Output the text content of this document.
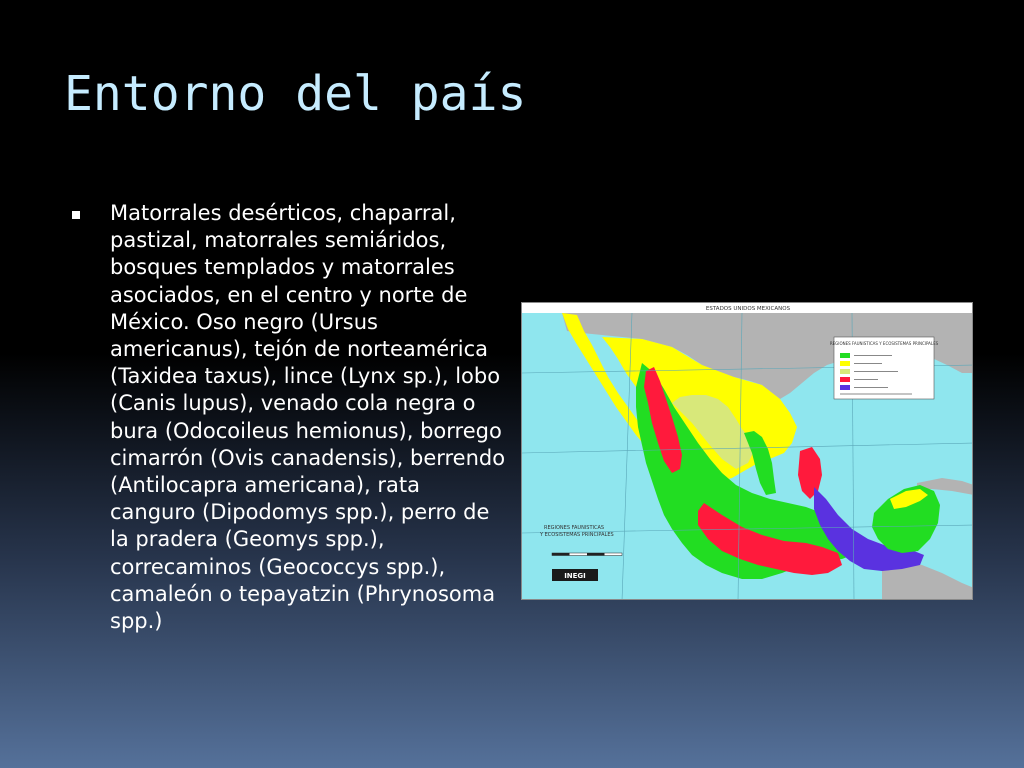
Entorno del país
Matorrales desérticos, chaparral, pastizal, matorrales semiáridos, bosques templados y matorrales asociados, en el centro y norte de México. Oso negro (Ursus americanus), tejón de norteamérica (Taxidea taxus), lince (Lynx sp.), lobo (Canis lupus), venado cola negra o bura (Odocoileus hemionus), borrego cimarrón (Ovis canadensis), berrendo (Antilocapra americana), rata canguro (Dipodomys spp.), perro de la pradera (Geomys spp.), correcaminos (Geococcys spp.), camaleón o tepayatzin (Phrynosoma spp.)
ESTADOS UNIDOS MEXICANOS
REGIONES FAUNISTICAS Y ECOSISTEMAS PRINCIPALES
REGIONES FAUNISTICAS
Y ECOSISTEMAS PRINCIPALES
INEGI
